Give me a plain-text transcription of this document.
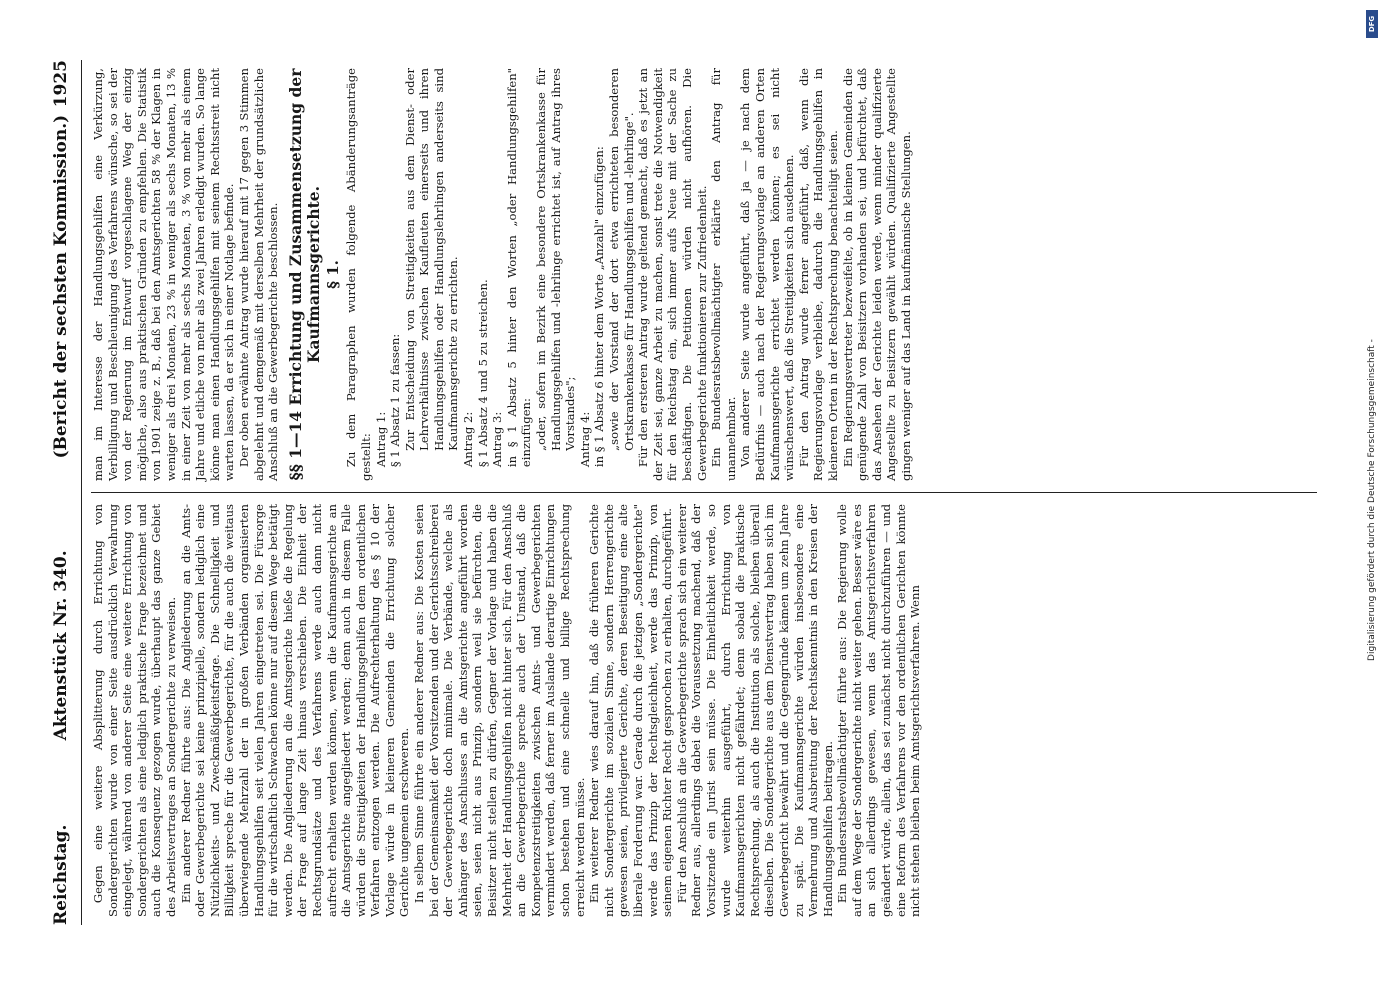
Reichstag.
Aktenstück Nr. 340.
(Bericht der sechsten Kommission.)
1925

Gegen eine weitere Absplitterung durch Errichtung von Sondergerichten wurde von einer Seite ausdrücklich Verwahrung eingelegt, während von anderer Seite eine weitere Errichtung von Sondergerichten als eine lediglich praktische Frage bezeichnet und auch die Konsequenz gezogen wurde, überhaupt das ganze Gebiet des Arbeitsvertrages an Sondergerichte zu verweisen. Ein anderer Redner führte aus: Die Angliederung an die Amts- oder Gewerbegerichte sei keine prinzipielle, sondern lediglich eine Nützlichkeits- und Zweckmäßigkeitsfrage. Die Schnelligkeit und Billigkeit spreche für die Gewerbegerichte, für die auch die weitaus überwiegende Mehrzahl der in großen Verbänden organisierten Handlungsgehilfen seit vielen Jahren eingetreten sei. Die Fürsorge für die wirtschaftlich Schwachen könne nur auf diesem Wege betätigt werden. Die Angliederung an die Amtsgerichte hieße die Regelung der Frage auf lange Zeit hinaus verschieben. Die Einheit der Rechtsgrundsätze und des Verfahrens werde auch dann nicht aufrecht erhalten werden können, wenn die Kaufmannsgerichte an die Amtsgerichte angegliedert werden; denn auch in diesem Falle würden die Streitigkeiten der Handlungsgehilfen dem ordentlichen Verfahren entzogen werden. Die Aufrechterhaltung des § 10 der Vorlage würde in kleineren Gemeinden die Errichtung solcher Gerichte ungemein erschweren. In selbem Sinne führte ein anderer Redner aus: Die Kosten seien bei der Gemeinsamkeit der Vorsitzenden und der Gerichtsschreiberei der Gewerbegerichte doch minimale. Die Verbände, welche als Anhänger des Anschlusses an die Amtsgerichte angeführt worden seien, seien nicht aus Prinzip, sondern weil sie befürchten, die Beisitzer nicht stellen zu dürfen, Gegner der Vorlage und haben die Mehrheit der Handlungsgehilfen nicht hinter sich. Für den Anschluß an die Gewerbegerichte spreche auch der Umstand, daß die Kompetenzstreitigkeiten zwischen Amts- und Gewerbegerichten vermindert werden, daß ferner im Auslande derartige Einrichtungen schon bestehen und eine schnelle und billige Rechtsprechung erreicht werden müsse. Ein weiterer Redner wies darauf hin, daß die früheren Gerichte nicht Sondergerichte im sozialen Sinne, sondern Herrengerichte gewesen seien, privilegierte Gerichte, deren Beseitigung eine alte liberale Forderung war. Gerade durch die jetzigen „Sondergerichte" werde das Prinzip der Rechtsgleichheit, werde das Prinzip, von seinem eigenen Richter Recht gesprochen zu erhalten, durchgeführt. Für den Anschluß an die Gewerbegerichte sprach sich ein weiterer Redner aus, allerdings dabei die Voraussetzung machend, daß der Vorsitzende ein Jurist sein müsse. Die Einheitlichkeit werde, so wurde weiterhin ausgeführt, durch Errichtung von Kaufmannsgerichten nicht gefährdet; denn sobald die praktische Rechtsprechung, als auch die Institution als solche, bleiben überall dieselben. Die Sondergerichte aus dem Dienstvertrag haben sich im Gewerbegericht bewährt und die Gegengründe kämen um zehn Jahre zu spät. Die Kaufmannsgerichte würden insbesondere eine Vermehrung und Ausbreitung der Rechtskenntnis in den Kreisen der Handlungsgehilfen beitragen. Ein Bundesratsbevollmächtigter führte aus: Die Regierung wolle auf dem Wege der Sondergerichte nicht weiter gehen. Besser wäre es an sich allerdings gewesen, wenn das Amtsgerichtsverfahren geändert würde, allein, das sei zunächst nicht durchzuführen — und eine Reform des Verfahrens vor den ordentlichen Gerichten könnte nicht stehen bleiben beim Amtsgerichtsverfahren. Wenn

man im Interesse der Handlungsgehilfen eine Verkürzung, Verbilligung und Beschleunigung des Verfahrens wünsche, so sei der von der Regierung im Entwurf vorgeschlagene Weg der einzig mögliche, also aus praktischen Gründen zu empfehlen. Die Statistik von 1901 zeige z. B., daß bei den Amtsgerichten 58 % der Klagen in weniger als drei Monaten, 23 % in weniger als sechs Monaten, 13 % in einer Zeit von mehr als sechs Monaten, 3 % von mehr als einem Jahre und etliche von mehr als zwei Jahren erledigt wurden. So lange könne man einen Handlungsgehilfen mit seinem Rechtsstreit nicht warten lassen, da er sich in einer Notlage befinde. Der oben erwähnte Antrag wurde hierauf mit 17 gegen 3 Stimmen abgelehnt und demgemäß mit derselben Mehrheit der grundsätzliche Anschluß an die Gewerbegerichte beschlossen. §§ 1—14 Errichtung und Zusammensetzung der Kaufmannsgerichte. § 1. Zu dem Paragraphen wurden folgende Abänderungsanträge gestellt: Antrag 1: § 1 Absatz 1 zu fassen: Zur Entscheidung von Streitigkeiten aus dem Dienst- oder Lehrverhältnisse zwischen Kaufleuten einerseits und ihren Handlungsgehilfen oder Handlungslehrlingen anderseits sind Kaufmannsgerichte zu errichten. Antrag 2: § 1 Absatz 4 und 5 zu streichen. Antrag 3: in § 1 Absatz 5 hinter den Worten „oder Handlungsgehilfen" einzufügen: „oder, sofern im Bezirk eine besondere Ortskrankenkasse für Handlungsgehilfen und -lehrlinge errichtet ist, auf Antrag ihres Vorstandes"; Antrag 4: in § 1 Absatz 6 hinter dem Worte „Anzahl" einzufügen: „sowie der Vorstand der dort etwa errichteten besonderen Ortskrankenkasse für Handlungsgehilfen und -lehrlinge". Für den ersteren Antrag wurde geltend gemacht, daß es jetzt an der Zeit sei, ganze Arbeit zu machen, sonst trete die Notwendigkeit für den Reichstag ein, sich immer aufs Neue mit der Sache zu beschäftigen. Die Petitionen würden nicht aufhören. Die Gewerbegerichte funktionieren zur Zufriedenheit. Ein Bundesratsbevollmächtigter erklärte den Antrag für unannehmbar. Von anderer Seite wurde angeführt, daß ja — je nach dem Bedürfnis — auch nach der Regierungsvorlage an anderen Orten Kaufmannsgerichte errichtet werden können; es sei nicht wünschenswert, daß die Streitigkeiten sich ausdehnen. Für den Antrag wurde ferner angeführt, daß, wenn die Regierungsvorlage verbleibe, dadurch die Handlungsgehilfen in kleineren Orten in der Rechtsprechung benachteiligt seien. Ein Regierungsvertreter bezweifelte, ob in kleinen Gemeinden die genügende Zahl von Beisitzern vorhanden sei, und befürchtet, daß das Ansehen der Gerichte leiden werde, wenn minder qualifizierte Angestellte zu Beisitzern gewählt würden. Qualifizierte Angestellte gingen weniger auf das Land in kaufmännische Stellungen.

DFG
Digitalisierung gefördert durch die Deutsche Forschungsgemeinschaft -
